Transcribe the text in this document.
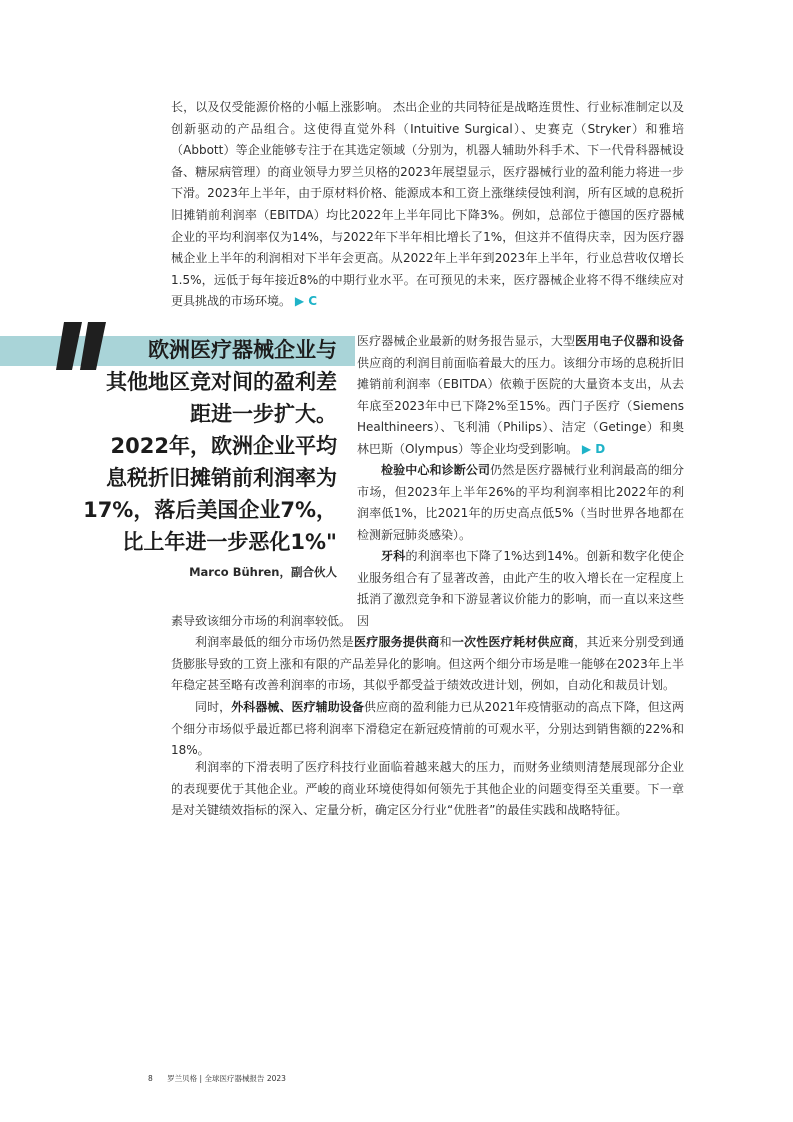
长，以及仅受能源价格的小幅上涨影响。 杰出企业的共同特征是战略连贯性、行业标准制定以及创新驱动的产品组合。这使得直觉外科（Intuitive Surgical）、史赛克（Stryker）和雅培（Abbott）等企业能够专注于在其选定领域（分别为，机器人辅助外科手术、下一代骨科器械设备、糖尿病管理）的商业领导力罗兰贝格的2023年展望显示，医疗器械行业的盈利能力将进一步下滑。2023年上半年，由于原材料价格、能源成本和工资上涨继续侵蚀利润，所有区域的息税折旧摊销前利润率（EBITDA）均比2022年上半年同比下降3%。例如，总部位于德国的医疗器械企业的平均利润率仅为14%，与2022年下半年相比增长了1%，但这并不值得庆幸，因为医疗器械企业上半年的利润相对下半年会更高。从2022年上半年到2023年上半年，行业总营收仅增长1.5%，远低于每年接近8%的中期行业水平。在可预见的未来，医疗器械企业将不得不继续应对更具挑战的市场环境。 ▶ C

欧洲医疗器械企业与
其他地区竞对间的盈利差
距进一步扩大。
2022年，欧洲企业平均
息税折旧摊销前利润率为
17%，落后美国企业7%，
比上年进一步恶化1%"
Marco Bühren，副合伙人

医疗器械企业最新的财务报告显示，大型医用电子仪器和设备供应商的利润目前面临着最大的压力。该细分市场的息税折旧摊销前利润率（EBITDA）依赖于医院的大量资本支出，从去年底至2023年中已下降2%至15%。西门子医疗（Siemens Healthineers）、飞利浦（Philips）、洁定（Getinge）和奥林巴斯（Olympus）等企业均受到影响。 ▶ D

检验中心和诊断公司仍然是医疗器械行业利润最高的细分市场，但2023年上半年26%的平均利润率相比2022年的利润率低1%，比2021年的历史高点低5%（当时世界各地都在检测新冠肺炎感染）。

牙科的利润率也下降了1%达到14%。创新和数字化使企业服务组合有了显著改善，由此产生的收入增长在一定程度上抵消了激烈竞争和下游显著议价能力的影响，而一直以来这些因

素导致该细分市场的利润率较低。

利润率最低的细分市场仍然是医疗服务提供商和一次性医疗耗材供应商，其近来分别受到通货膨胀导致的工资上涨和有限的产品差异化的影响。但这两个细分市场是唯一能够在2023年上半年稳定甚至略有改善利润率的市场，其似乎都受益于绩效改进计划，例如，自动化和裁员计划。

同时，外科器械、医疗辅助设备供应商的盈利能力已从2021年疫情驱动的高点下降，但这两个细分市场似乎最近都已将利润率下滑稳定在新冠疫情前的可观水平，分别达到销售额的22%和18%。

利润率的下滑表明了医疗科技行业面临着越来越大的压力，而财务业绩则清楚展现部分企业的表现要优于其他企业。严峻的商业环境使得如何领先于其他企业的问题变得至关重要。下一章是对关键绩效指标的深入、定量分析，确定区分行业“优胜者”的最佳实践和战略特征。

8 罗兰贝格 | 全球医疗器械报告 2023
